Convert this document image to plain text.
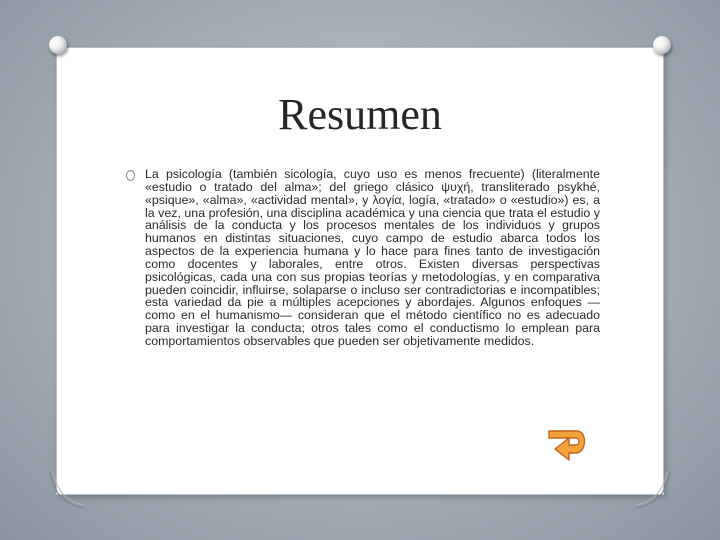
Resumen

La psicología (también sicología, cuyo uso es menos frecuente) (literalmente «estudio o tratado del alma»; del griego clásico ψυχή, transliterado psykhé, «psique», «alma», «actividad mental», y λογία, logía, «tratado» o «estudio») es, a la vez, una profesión, una disciplina académica y una ciencia que trata el estudio y análisis de la conducta y los procesos mentales de los individuos y grupos humanos en distintas situaciones, cuyo campo de estudio abarca todos los aspectos de la experiencia humana y lo hace para fines tanto de investigación como docentes y laborales, entre otros. Existen diversas perspectivas psicológicas, cada una con sus propias teorías y metodologías, y en comparativa pueden coincidir, influirse, solaparse o incluso ser contradictorias e incompatibles; esta variedad da pie a múltiples acepciones y abordajes. Algunos enfoques —como en el humanismo— consideran que el método científico no es adecuado para investigar la conducta; otros tales como el conductismo lo emplean para comportamientos observables que pueden ser objetivamente medidos.
